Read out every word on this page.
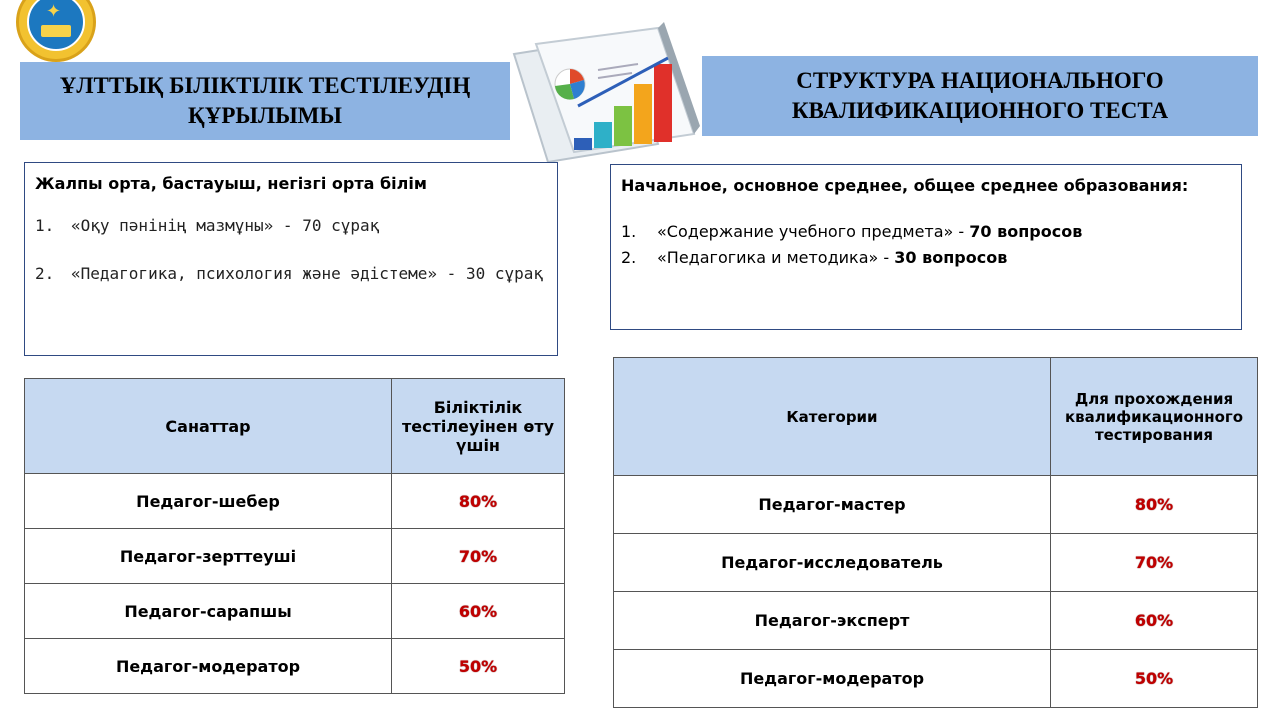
✦
ҰЛТТЫҚ БІЛІКТІЛІК ТЕСТІЛЕУДІҢ ҚҰРЫЛЫМЫ
СТРУКТУРА НАЦИОНАЛЬНОГО КВАЛИФИКАЦИОННОГО ТЕСТА
Жалпы орта, бастауыш, негізгі орта білім
1.	«Оқу пәнінің мазмұны» - 70 сұрақ
2.	«Педагогика, психология және әдістеме» - 30 сұрақ
Начальное, основное среднее, общее среднее образования:
1.	«Содержание учебного предмета» - 70 вопросов
2.	«Педагогика и методика» - 30 вопросов
Санаттар	Біліктілік тестілеуінен өту үшін
Педагог-шебер	80%
Педагог-зерттеуші	70%
Педагог-сарапшы	60%
Педагог-модератор	50%
Категории	Для прохождения квалификационного тестирования
Педагог-мастер	80%
Педагог-исследователь	70%
Педагог-эксперт	60%
Педагог-модератор	50%
